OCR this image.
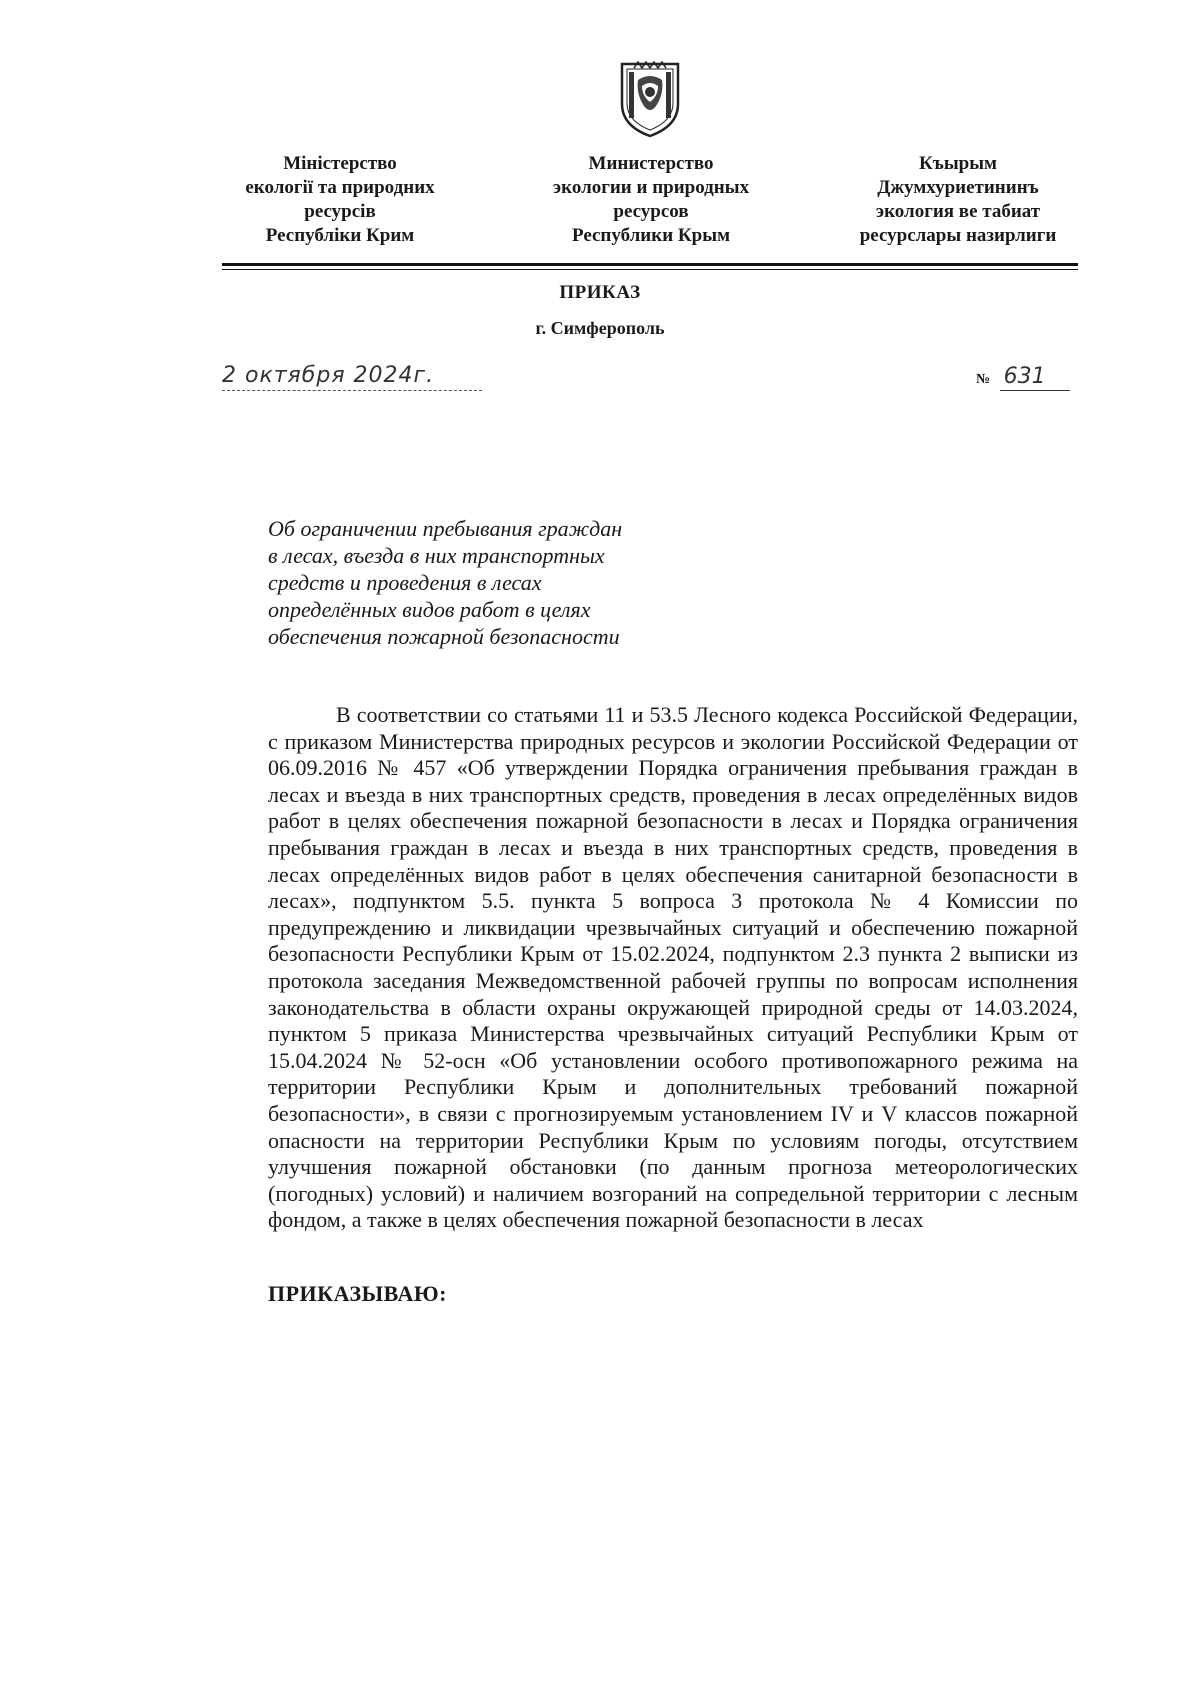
Міністерство
екології та природних
ресурсів
Республіки Крим
Министерство
экологии и природных
ресурсов
Республики Крым
Къырым
Джумхуриетининъ
экология ве табиат
ресурслары назирлиги
ПРИКАЗ
г. Симферополь
2 октября 2024г.	№ 631
Об ограничении пребывания граждан
в лесах, въезда в них транспортных
средств и проведения в лесах
определённых видов работ в целях
обеспечения пожарной безопасности

В соответствии со статьями 11 и 53.5 Лесного кодекса Российской Федерации, с приказом Министерства природных ресурсов и экологии Российской Федерации от 06.09.2016 № 457 «Об утверждении Порядка ограничения пребывания граждан в лесах и въезда в них транспортных средств, проведения в лесах определённых видов работ в целях обеспечения пожарной безопасности в лесах и Порядка ограничения пребывания граждан в лесах и въезда в них транспортных средств, проведения в лесах определённых видов работ в целях обеспечения санитарной безопасности в лесах», подпунктом 5.5. пункта 5 вопроса 3 протокола № 4 Комиссии по предупреждению и ликвидации чрезвычайных ситуаций и обеспечению пожарной безопасности Республики Крым от 15.02.2024, подпунктом 2.3 пункта 2 выписки из протокола заседания Межведомственной рабочей группы по вопросам исполнения законодательства в области охраны окружающей природной среды от 14.03.2024, пунктом 5 приказа Министерства чрезвычайных ситуаций Республики Крым от 15.04.2024 № 52-осн «Об установлении особого противопожарного режима на территории Республики Крым и дополнительных требований пожарной безопасности», в связи с прогнозируемым установлением IV и V классов пожарной опасности на территории Республики Крым по условиям погоды, отсутствием улучшения пожарной обстановки (по данным прогноза метеорологических (погодных) условий) и наличием возгораний на сопредельной территории с лесным фондом, а также в целях обеспечения пожарной безопасности в лесах

ПРИКАЗЫВАЮ:
